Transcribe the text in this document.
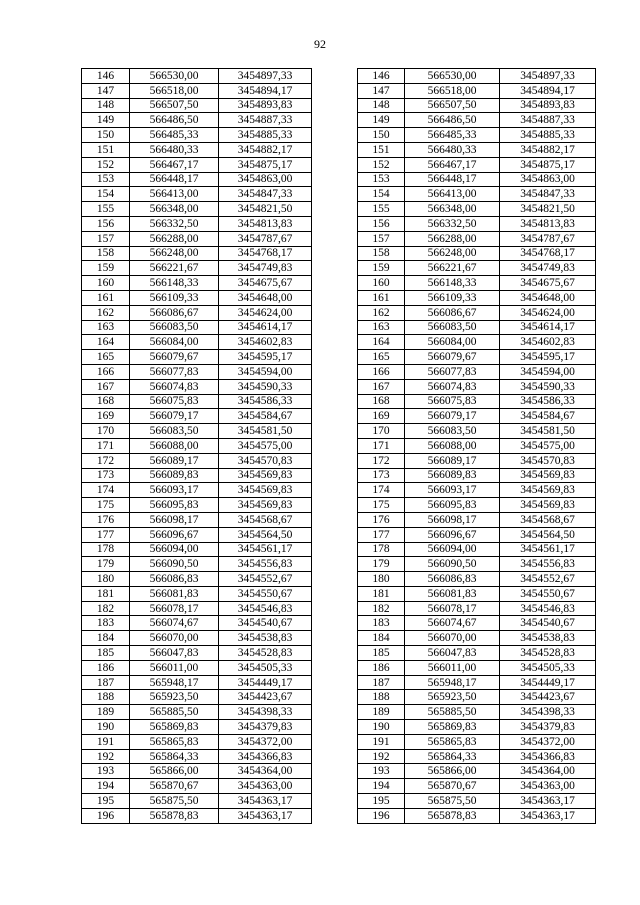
92
146	566530,00	3454897,33
147	566518,00	3454894,17
148	566507,50	3454893,83
149	566486,50	3454887,33
150	566485,33	3454885,33
151	566480,33	3454882,17
152	566467,17	3454875,17
153	566448,17	3454863,00
154	566413,00	3454847,33
155	566348,00	3454821,50
156	566332,50	3454813,83
157	566288,00	3454787,67
158	566248,00	3454768,17
159	566221,67	3454749,83
160	566148,33	3454675,67
161	566109,33	3454648,00
162	566086,67	3454624,00
163	566083,50	3454614,17
164	566084,00	3454602,83
165	566079,67	3454595,17
166	566077,83	3454594,00
167	566074,83	3454590,33
168	566075,83	3454586,33
169	566079,17	3454584,67
170	566083,50	3454581,50
171	566088,00	3454575,00
172	566089,17	3454570,83
173	566089,83	3454569,83
174	566093,17	3454569,83
175	566095,83	3454569,83
176	566098,17	3454568,67
177	566096,67	3454564,50
178	566094,00	3454561,17
179	566090,50	3454556,83
180	566086,83	3454552,67
181	566081,83	3454550,67
182	566078,17	3454546,83
183	566074,67	3454540,67
184	566070,00	3454538,83
185	566047,83	3454528,83
186	566011,00	3454505,33
187	565948,17	3454449,17
188	565923,50	3454423,67
189	565885,50	3454398,33
190	565869,83	3454379,83
191	565865,83	3454372,00
192	565864,33	3454366,83
193	565866,00	3454364,00
194	565870,67	3454363,00
195	565875,50	3454363,17
196	565878,83	3454363,17
146	566530,00	3454897,33
147	566518,00	3454894,17
148	566507,50	3454893,83
149	566486,50	3454887,33
150	566485,33	3454885,33
151	566480,33	3454882,17
152	566467,17	3454875,17
153	566448,17	3454863,00
154	566413,00	3454847,33
155	566348,00	3454821,50
156	566332,50	3454813,83
157	566288,00	3454787,67
158	566248,00	3454768,17
159	566221,67	3454749,83
160	566148,33	3454675,67
161	566109,33	3454648,00
162	566086,67	3454624,00
163	566083,50	3454614,17
164	566084,00	3454602,83
165	566079,67	3454595,17
166	566077,83	3454594,00
167	566074,83	3454590,33
168	566075,83	3454586,33
169	566079,17	3454584,67
170	566083,50	3454581,50
171	566088,00	3454575,00
172	566089,17	3454570,83
173	566089,83	3454569,83
174	566093,17	3454569,83
175	566095,83	3454569,83
176	566098,17	3454568,67
177	566096,67	3454564,50
178	566094,00	3454561,17
179	566090,50	3454556,83
180	566086,83	3454552,67
181	566081,83	3454550,67
182	566078,17	3454546,83
183	566074,67	3454540,67
184	566070,00	3454538,83
185	566047,83	3454528,83
186	566011,00	3454505,33
187	565948,17	3454449,17
188	565923,50	3454423,67
189	565885,50	3454398,33
190	565869,83	3454379,83
191	565865,83	3454372,00
192	565864,33	3454366,83
193	565866,00	3454364,00
194	565870,67	3454363,00
195	565875,50	3454363,17
196	565878,83	3454363,17
